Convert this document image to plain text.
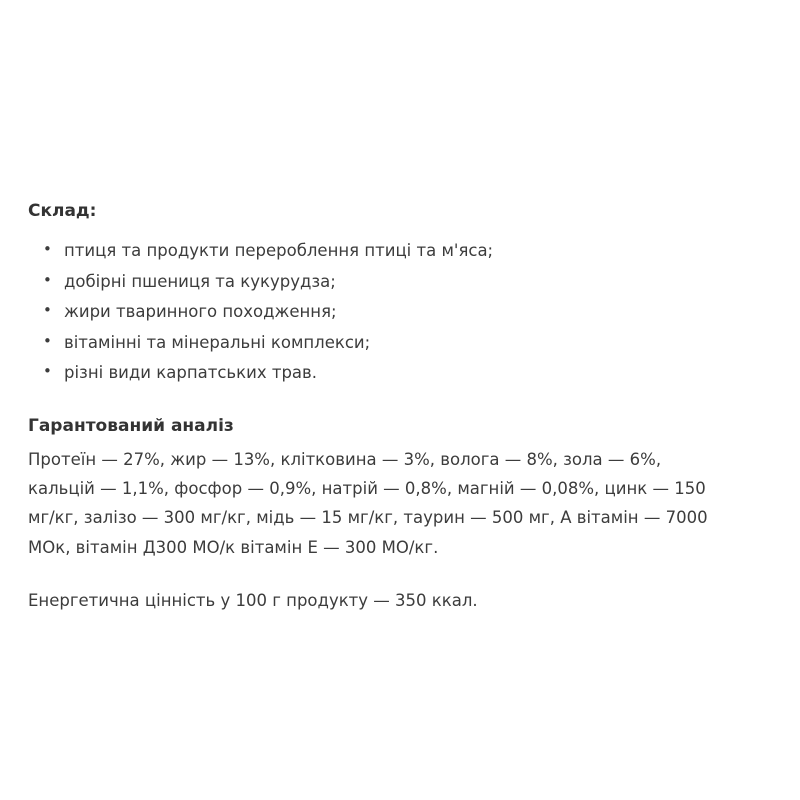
Склад:
• птиця та продукти перероблення птиці та м'яса;
• добірні пшениця та кукурудза;
• жири тваринного походження;
• вітамінні та мінеральні комплекси;
• різні види карпатських трав.
Гарантований аналіз

Протеїн — 27%, жир — 13%, клітковина — 3%, волога — 8%, зола — 6%, кальцій — 1,1%, фосфор — 0,9%, натрій — 0,8%, магній — 0,08%, цинк — 150 мг/кг, залізо — 300 мг/кг, мідь — 15 мг/кг, таурин — 500 мг, А вітамін — 7000 МОк, вітамін Д300 МО/к вітамін Е — 300 МО/кг.

Енергетична цінність у 100 г продукту — 350 ккал.
